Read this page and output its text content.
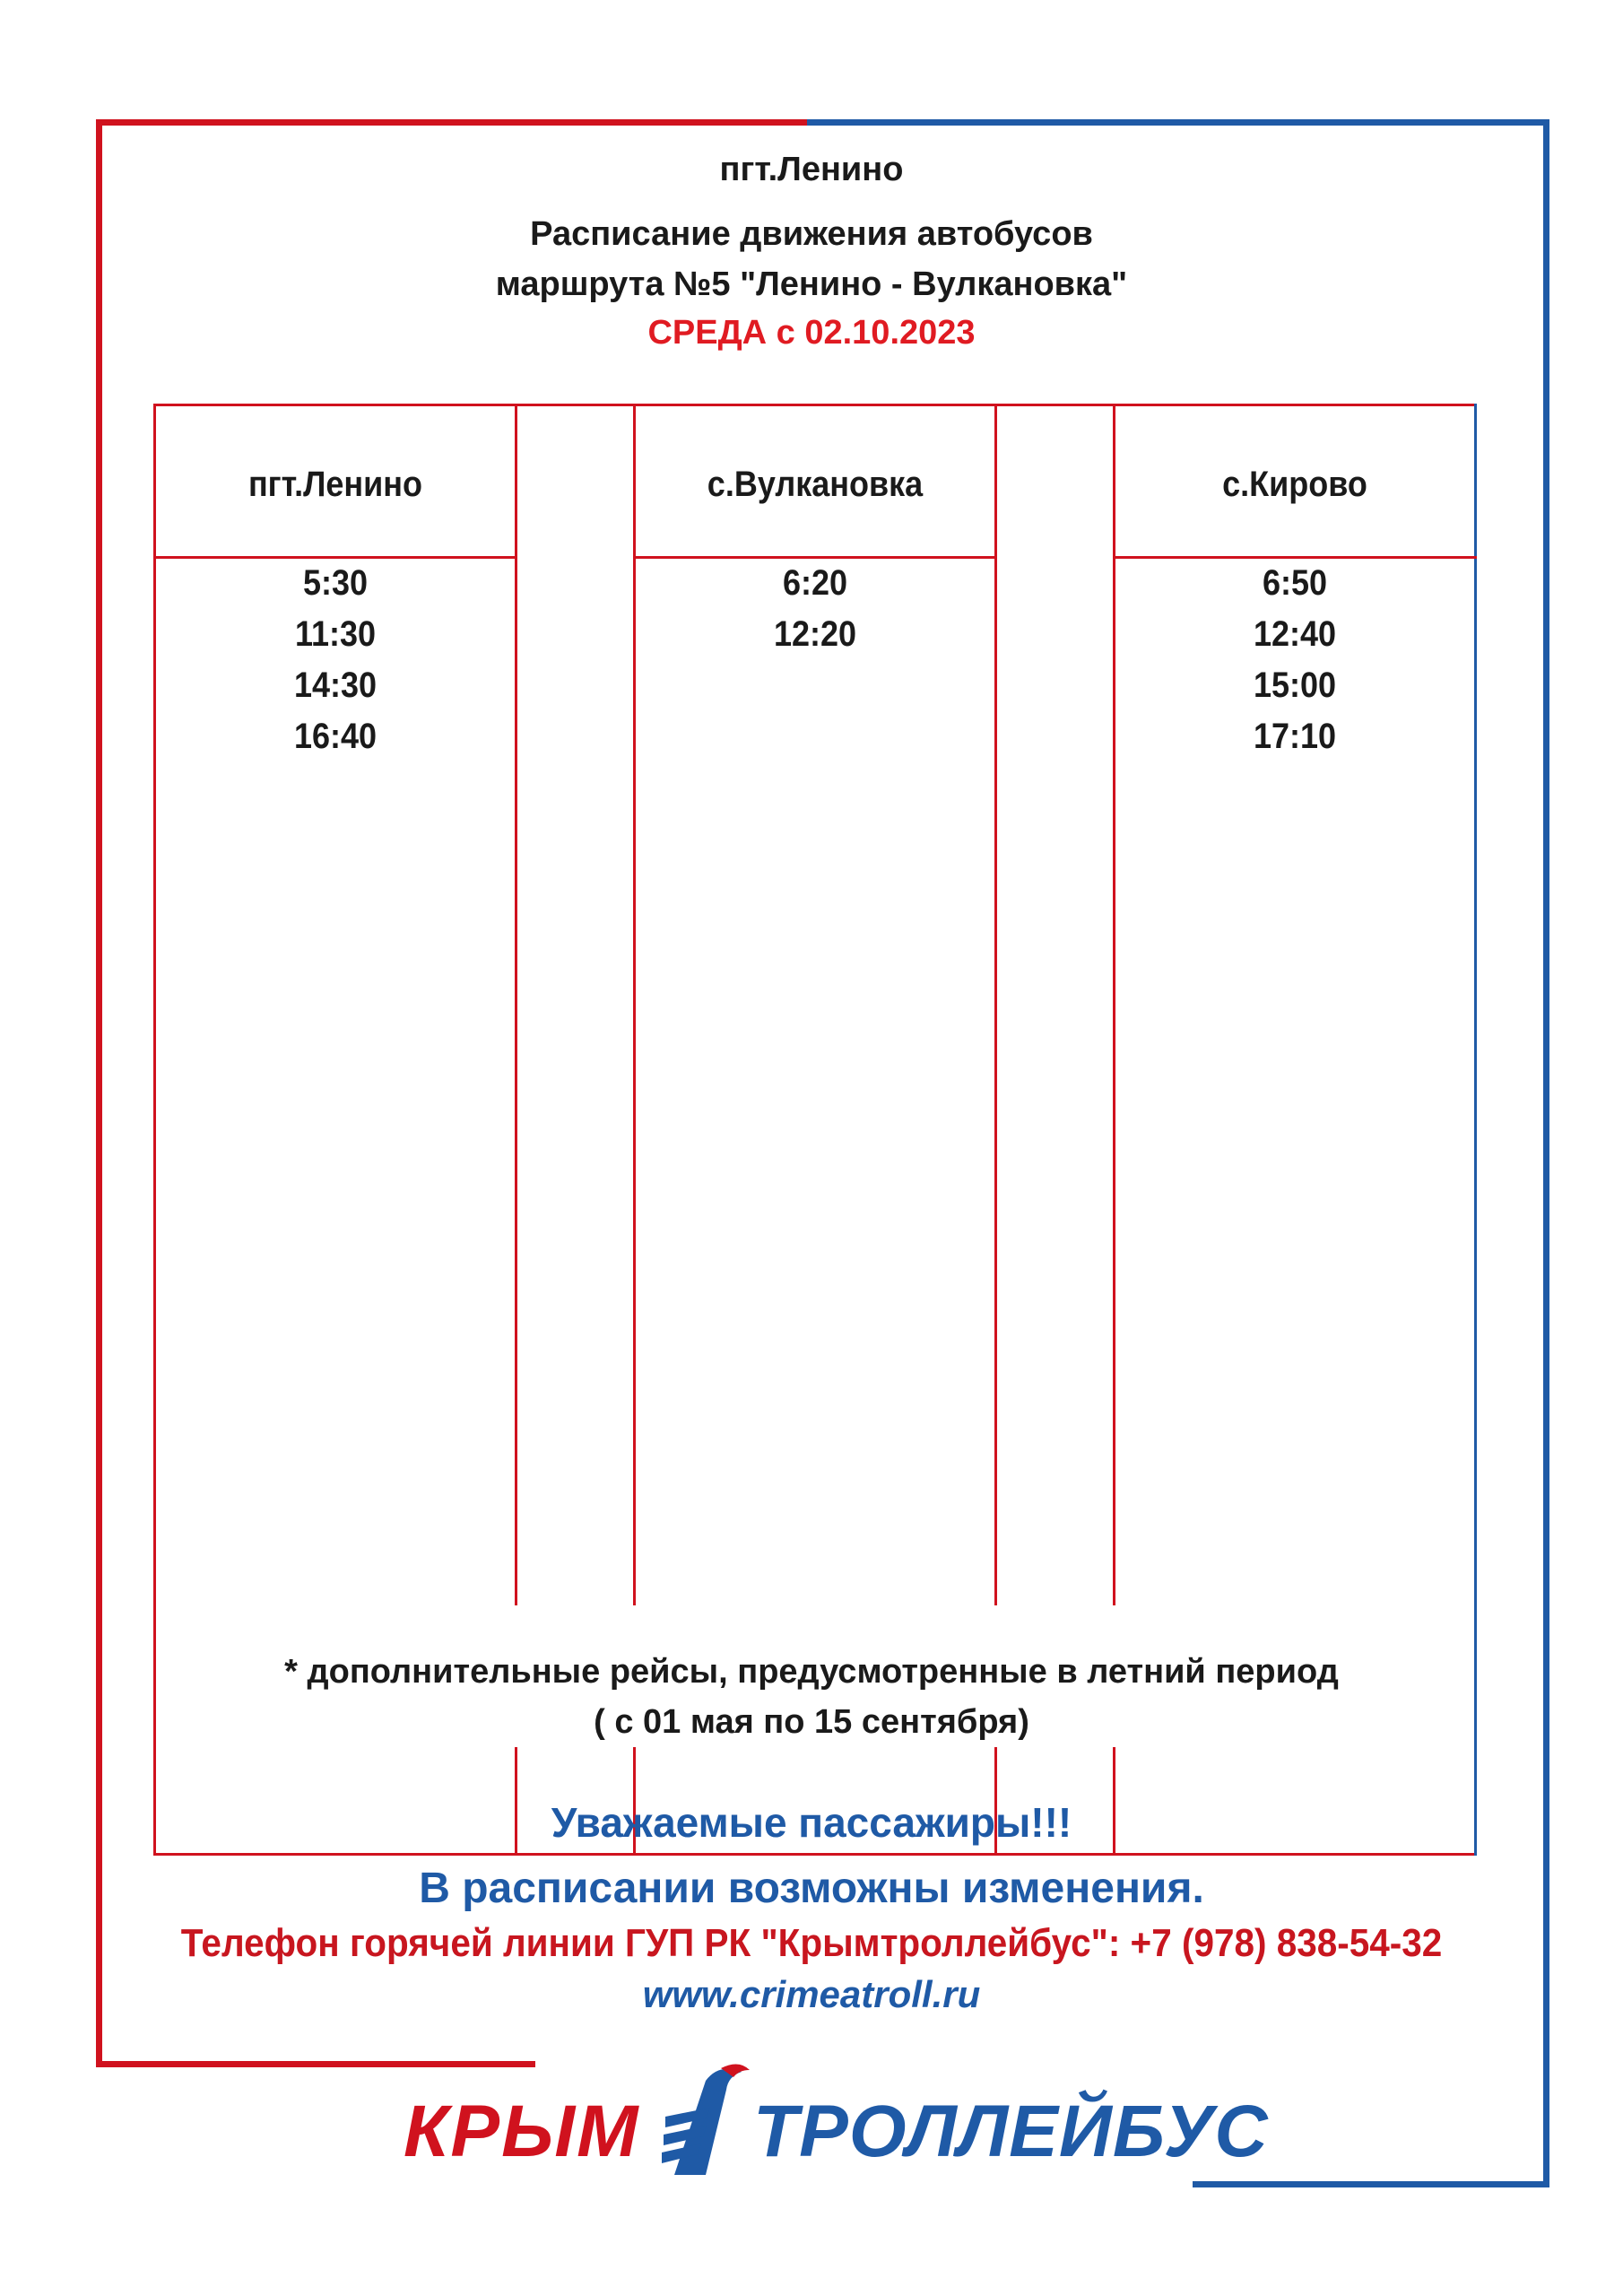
пгт.Ленино
Расписание движения автобусов
маршрута №5 "Ленино - Вулкановка"
СРЕДА с 02.10.2023
пгт.Ленино	с.Вулкановка	с.Кирово
5:30
11:30
14:30
16:40
6:20
12:20
6:50
12:40
15:00
17:10
* дополнительные рейсы, предусмотренные в летний период
( с 01 мая по 15 сентября)
Уважаемые пассажиры!!!
В расписании возможны изменения.
Телефон горячей линии ГУП РК "Крымтроллейбус": +7 (978) 838-54-32
www.crimeatroll.ru
КРЫМ ТРОЛЛЕЙБУС
